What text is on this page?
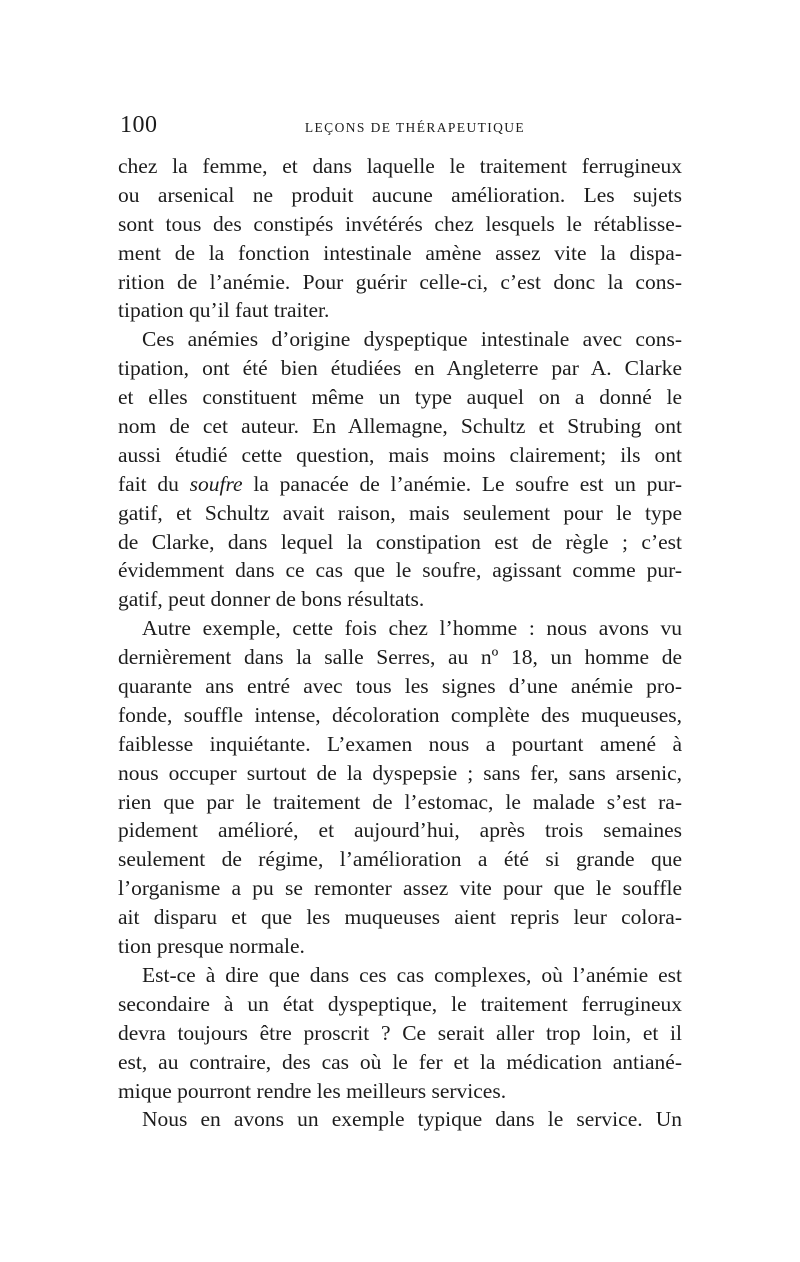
100	LEÇONS DE THÉRAPEUTIQUE
chez la femme, et dans laquelle le traitement ferrugineux
ou arsenical ne produit aucune amélioration. Les sujets
sont tous des constipés invétérés chez lesquels le rétablisse-
ment de la fonction intestinale amène assez vite la dispa-
rition de l’anémie. Pour guérir celle-ci, c’est donc la cons-
tipation qu’il faut traiter.
Ces anémies d’origine dyspeptique intestinale avec cons-
tipation, ont été bien étudiées en Angleterre par A. Clarke
et elles constituent même un type auquel on a donné le
nom de cet auteur. En Allemagne, Schultz et Strubing ont
aussi étudié cette question, mais moins clairement; ils ont
fait du soufre la panacée de l’anémie. Le soufre est un pur-
gatif, et Schultz avait raison, mais seulement pour le type
de Clarke, dans lequel la constipation est de règle ; c’est
évidemment dans ce cas que le soufre, agissant comme pur-
gatif, peut donner de bons résultats.
Autre exemple, cette fois chez l’homme : nous avons vu
dernièrement dans la salle Serres, au nº 18, un homme de
quarante ans entré avec tous les signes d’une anémie pro-
fonde, souffle intense, décoloration complète des muqueuses,
faiblesse inquiétante. L’examen nous a pourtant amené à
nous occuper surtout de la dyspepsie ; sans fer, sans arsenic,
rien que par le traitement de l’estomac, le malade s’est ra-
pidement amélioré, et aujourd’hui, après trois semaines
seulement de régime, l’amélioration a été si grande que
l’organisme a pu se remonter assez vite pour que le souffle
ait disparu et que les muqueuses aient repris leur colora-
tion presque normale.
Est-ce à dire que dans ces cas complexes, où l’anémie est
secondaire à un état dyspeptique, le traitement ferrugineux
devra toujours être proscrit ? Ce serait aller trop loin, et il
est, au contraire, des cas où le fer et la médication antiané-
mique pourront rendre les meilleurs services.
Nous en avons un exemple typique dans le service. Un
